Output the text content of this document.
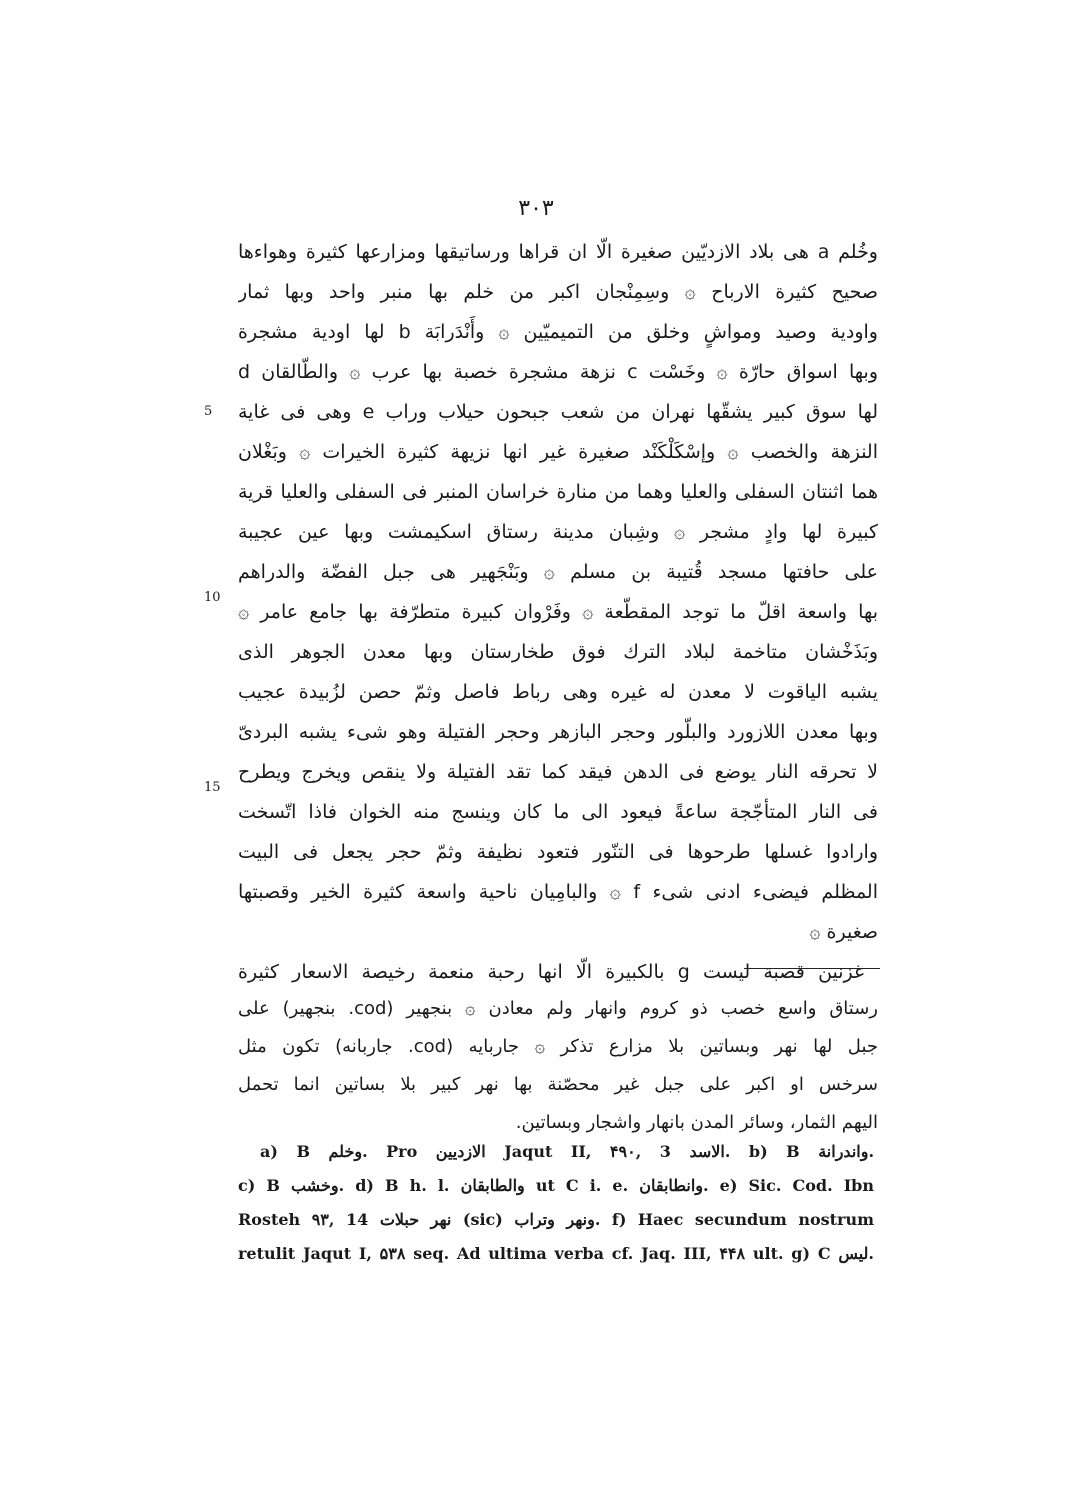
٣٠٣
وخُلم a هى بلاد الازديّين صغيرة الّا ان قراها ورساتيقها ومزارعها كثيرة وهواءها
صحيح كثيرة الارباح ۞ وسِمِنْجان اكبر من خلم بها منبر واحد وبها ثمار
واودية وصيد ومواشٍ وخلق من التميميّين ۞ وأَنْدَرابَة b لها اودية مشجرة
وبها اسواق حارّة ۞ وخَسْت c نزهة مشجرة خصبة بها عرب ۞ والطّالقان d
لها سوق كبير يشقّها نهران من شعب جبحون حيلاب وراب e وهى فى غاية
النزهة والخصب ۞ وإسْكَلْكَنْد صغيرة غير انها نزيهة كثيرة الخيرات ۞ وبَغْلان
هما اثنتان السفلى والعليا وهما من منارة خراسان المنبر فى السفلى والعليا قرية
كبيرة لها وادٍ مشجر ۞ وشِبان مدينة رستاق اسكيمشت وبها عين عجيبة
على حافتها مسجد قُتيبة بن مسلم ۞ وبَنْجَهير هى جبل الفضّة والدراهم
بها واسعة اقلّ ما توجد المقطّعة ۞ وفَرْوان كبيرة متطرّفة بها جامع عامر ۞
وبَذَخْشان متاخمة لبلاد الترك فوق طخارستان وبها معدن الجوهر الذى
يشبه الياقوت لا معدن له غيره وهى رباط فاصل وثمّ حصن لزُبيدة عجيب
وبها معدن اللازورد والبلّور وحجر البازهر وحجر الفتيلة وهو شىء يشبه البردىّ
لا تحرقه النار يوضع فى الدهن فيقد كما تقد الفتيلة ولا ينقص ويخرج ويطرح
فى النار المتأجّجة ساعةً فيعود الى ما كان وينسج منه الخوان فاذا اتّسخت
وارادوا غسلها طرحوها فى التنّور فتعود نظيفة وثمّ حجر يجعل فى البيت
المظلم فيضىء ادنى شىء f ۞ والبامِيان ناحية واسعة كثيرة الخير وقصبتها
صغيرة ۞
غزنين قصبة ليست g بالكبيرة الّا انها رحبة منعمة رخيصة الاسعار كثيرة
5
10
15
رستاق واسع خصب ذو كروم وانهار ولم معادن ۞ بنجهير (cod. بنجهير) على
جبل لها نهر وبساتين بلا مزارع تذكر ۞ جاربايه (cod. جاربانه) تكون مثل
سرخس او اكبر على جبل غير محصّنة بها نهر كبير بلا بساتين انما تحمل
اليهم الثمار، وسائر المدن بانهار واشجار وبساتين.
a) B وخلم. Pro الازديين Jaqut II, ۴۹۰, 3 الاسد. b) B واندرانة.
c) B وخشب. d) B h. l. والطابقان ut C i. e. وانطابقان. e) Sic. Cod. Ibn
Rosteh ۹۳, 14 نهر حبلات (sic) ونهر وتراب. f) Haec secundum nostrum
retulit Jaqut I, ۵۳۸ seq. Ad ultima verba cf. Jaq. III, ۴۴۸ ult. g) C ليس.
